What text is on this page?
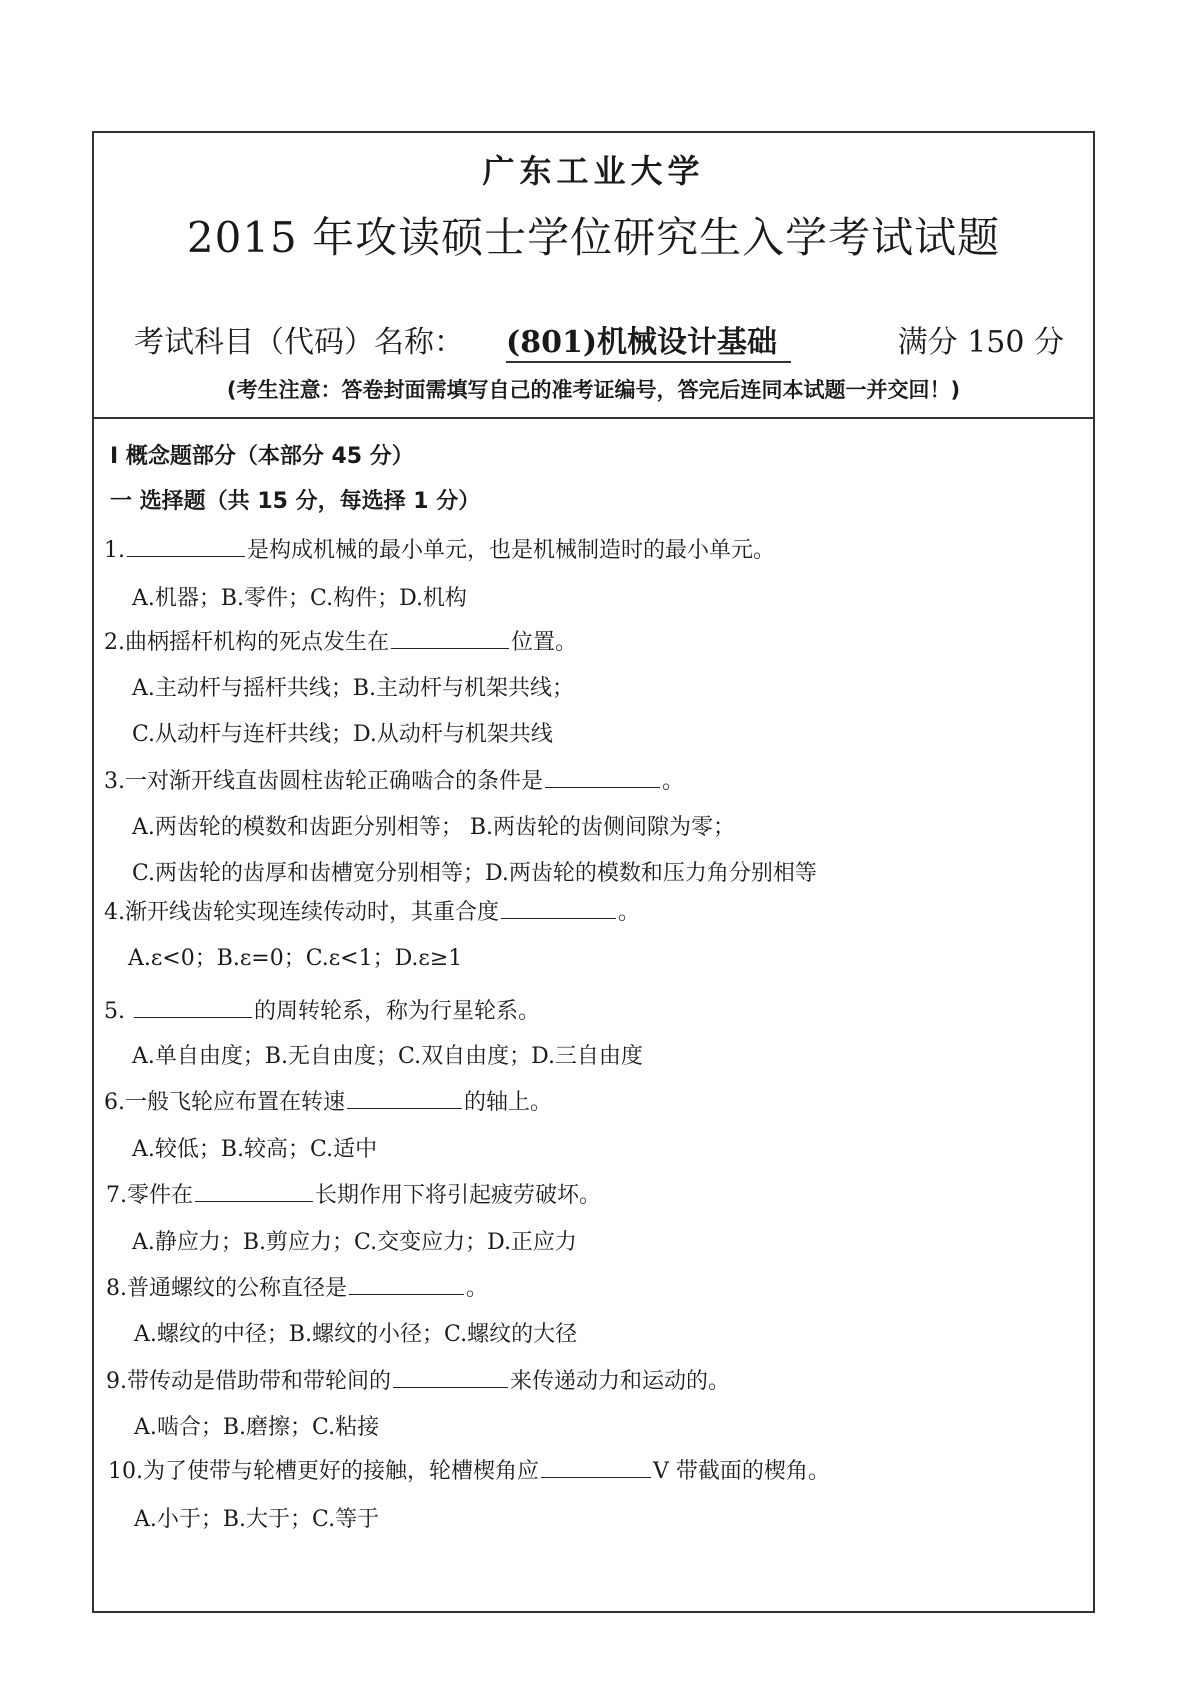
广东工业大学
2015 年攻读硕士学位研究生入学考试试题
考试科目（代码）名称： (801)机械设计基础	满分 150 分
(考生注意：答卷封面需填写自己的准考证编号，答完后连同本试题一并交回！)
Ⅰ 概念题部分（本部分 45 分）
一 选择题（共 15 分，每选择 1 分）
1.	是构成机械的最小单元，也是机械制造时的最小单元。
A.机器；B.零件；C.构件；D.机构
2.曲柄摇杆机构的死点发生在	位置。
A.主动杆与摇杆共线；B.主动杆与机架共线；
C.从动杆与连杆共线；D.从动杆与机架共线
3.一对渐开线直齿圆柱齿轮正确啮合的条件是	。
A.两齿轮的模数和齿距分别相等； B.两齿轮的齿侧间隙为零；
C.两齿轮的齿厚和齿槽宽分别相等；D.两齿轮的模数和压力角分别相等
4.渐开线齿轮实现连续传动时，其重合度	。
A.ε<0；B.ε=0；C.ε<1；D.ε≥1
5.	的周转轮系，称为行星轮系。
A.单自由度；B.无自由度；C.双自由度；D.三自由度
6.一般飞轮应布置在转速	的轴上。
A.较低；B.较高；C.适中
7.零件在	长期作用下将引起疲劳破坏。
A.静应力；B.剪应力；C.交变应力；D.正应力
8.普通螺纹的公称直径是	。
A.螺纹的中径；B.螺纹的小径；C.螺纹的大径
9.带传动是借助带和带轮间的	来传递动力和运动的。
A.啮合；B.磨擦；C.粘接
10.为了使带与轮槽更好的接触，轮槽楔角应	V 带截面的楔角。
A.小于；B.大于；C.等于
